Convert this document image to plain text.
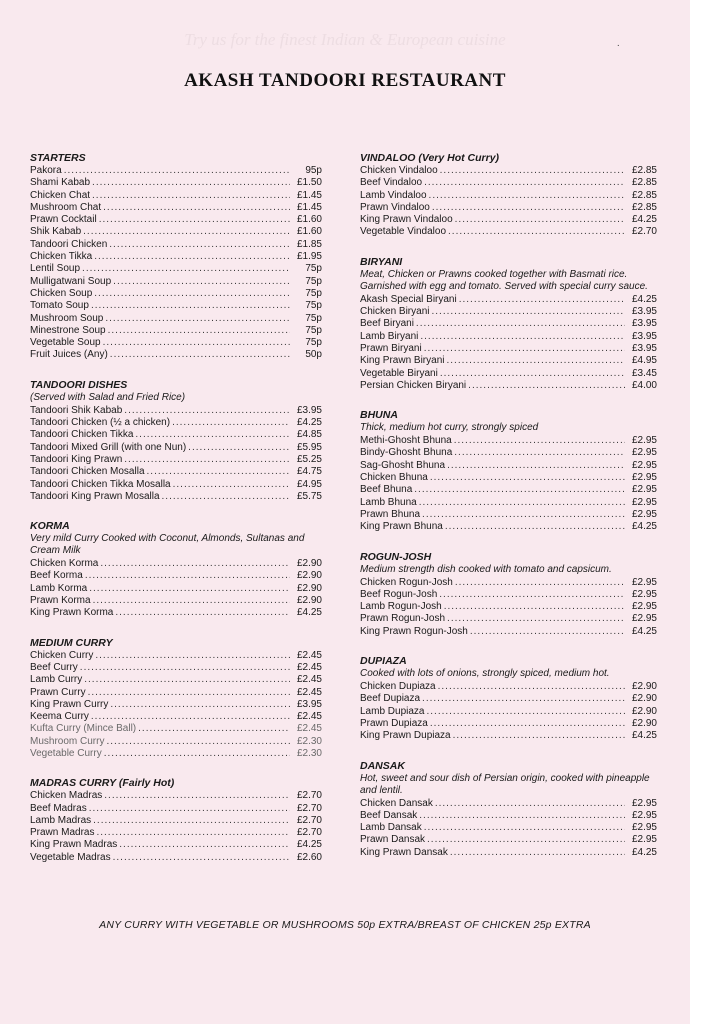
Try us for the finest Indian & European cuisine	·
AKASH TANDOORI RESTAURANT
STARTERS
Pakora .....	95p
Shami Kabab .....	£1.50
Chicken Chat .....	£1.45
Mushroom Chat .....	£1.45
Prawn Cocktail .....	£1.60
Shik Kabab .....	£1.60
Tandoori Chicken .....	£1.85
Chicken Tikka .....	£1.95
Lentil Soup .....	75p
Mulligatwani Soup .....	75p
Chicken Soup .....	75p
Tomato Soup .....	75p
Mushroom Soup .....	75p
Minestrone Soup .....	75p
Vegetable Soup .....	75p
Fruit Juices (Any) .....	50p
TANDOORI DISHES
(Served with Salad and Fried Rice)
Tandoori Shik Kabab .....	£3.95
Tandoori Chicken (½ a chicken) .....	£4.25
Tandoori Chicken Tikka .....	£4.85
Tandoori Mixed Grill (with one Nun) .....	£5.95
Tandoori King Prawn .....	£5.25
Tandoori Chicken Mosalla .....	£4.75
Tandoori Chicken Tikka Mosalla .....	£4.95
Tandoori King Prawn Mosalla .....	£5.75
KORMA
Very mild Curry Cooked with Coconut, Almonds, Sultanas and Cream Milk
Chicken Korma .....	£2.90
Beef Korma .....	£2.90
Lamb Korma .....	£2.90
Prawn Korma .....	£2.90
King Prawn Korma .....	£4.25
MEDIUM CURRY
Chicken Curry .....	£2.45
Beef Curry .....	£2.45
Lamb Curry .....	£2.45
Prawn Curry .....	£2.45
King Prawn Curry .....	£3.95
Keema Curry .....	£2.45
Kufta Curry (Mince Ball) .....	£2.45
Mushroom Curry .....	£2.30
Vegetable Curry .....	£2.30
MADRAS CURRY (Fairly Hot)
Chicken Madras .....	£2.70
Beef Madras .....	£2.70
Lamb Madras .....	£2.70
Prawn Madras .....	£2.70
King Prawn Madras .....	£4.25
Vegetable Madras .....	£2.60
VINDALOO (Very Hot Curry)
Chicken Vindaloo .....	£2.85
Beef Vindaloo .....	£2.85
Lamb Vindaloo .....	£2.85
Prawn Vindaloo .....	£2.85
King Prawn Vindaloo .....	£4.25
Vegetable Vindaloo .....	£2.70
BIRYANI
Meat, Chicken or Prawns cooked together with Basmati rice. Garnished with egg and tomato. Served with special curry sauce.
Akash Special Biryani .....	£4.25
Chicken Biryani .....	£3.95
Beef Biryani .....	£3.95
Lamb Biryani .....	£3.95
Prawn Biryani .....	£3.95
King Prawn Biryani .....	£4.95
Vegetable Biryani .....	£3.45
Persian Chicken Biryani .....	£4.00
BHUNA
Thick, medium hot curry, strongly spiced
Methi-Ghosht Bhuna .....	£2.95
Bindy-Ghosht Bhuna .....	£2.95
Sag-Ghosht Bhuna .....	£2.95
Chicken Bhuna .....	£2.95
Beef Bhuna .....	£2.95
Lamb Bhuna .....	£2.95
Prawn Bhuna .....	£2.95
King Prawn Bhuna .....	£4.25
ROGUN-JOSH
Medium strength dish cooked with tomato and capsicum.
Chicken Rogun-Josh .....	£2.95
Beef Rogun-Josh .....	£2.95
Lamb Rogun-Josh .....	£2.95
Prawn Rogun-Josh .....	£2.95
King Prawn Rogun-Josh .....	£4.25
DUPIAZA
Cooked with lots of onions, strongly spiced, medium hot.
Chicken Dupiaza .....	£2.90
Beef Dupiaza .....	£2.90
Lamb Dupiaza .....	£2.90
Prawn Dupiaza .....	£2.90
King Prawn Dupiaza .....	£4.25
DANSAK
Hot, sweet and sour dish of Persian origin, cooked with pineapple and lentil.
Chicken Dansak .....	£2.95
Beef Dansak .....	£2.95
Lamb Dansak .....	£2.95
Prawn Dansak .....	£2.95
King Prawn Dansak .....	£4.25
ANY CURRY WITH VEGETABLE OR MUSHROOMS 50p EXTRA/BREAST OF CHICKEN 25p EXTRA
